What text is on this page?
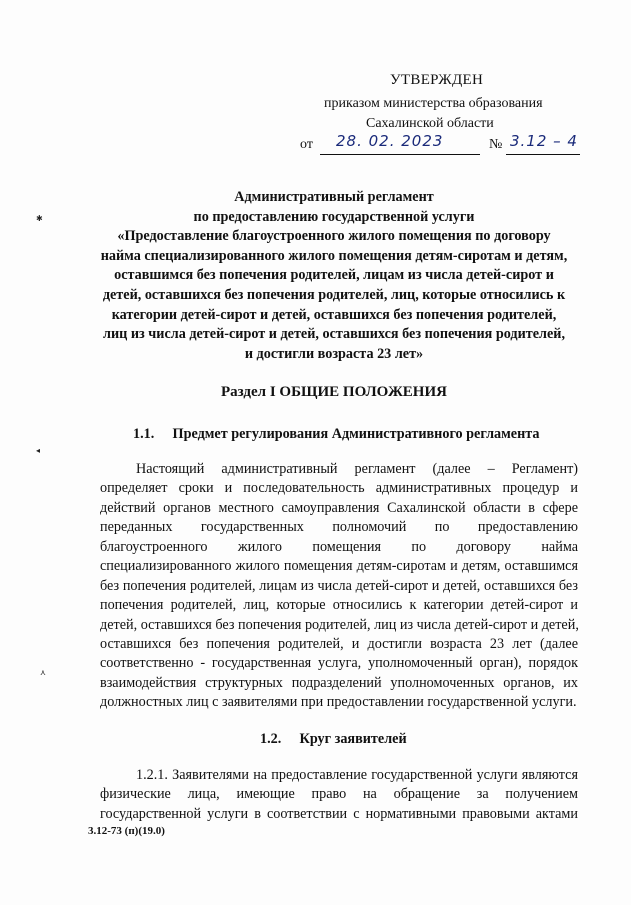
✱
◂
⋏
УТВЕРЖДЕН
приказом министерства образования
Сахалинской области
от 28. 02. 2023	№ 3.12 – 4
Административный регламент
по предоставлению государственной услуги
«Предоставление благоустроенного жилого помещения по договору
найма специализированного жилого помещения детям-сиротам и детям,
оставшимся без попечения родителей, лицам из числа детей-сирот и
детей, оставшихся без попечения родителей, лиц, которые относились к
категории детей-сирот и детей, оставшихся без попечения родителей,
лиц из числа детей-сирот и детей, оставшихся без попечения родителей,
и достигли возраста 23 лет»
Раздел I ОБЩИЕ ПОЛОЖЕНИЯ
1.1. Предмет регулирования Административного регламента
Настоящий административный регламент (далее – Регламент)
определяет сроки и последовательность административных процедур и
действий органов местного самоуправления Сахалинской области в сфере
переданных государственных полномочий по предоставлению
благоустроенного жилого помещения по договору найма
специализированного жилого помещения детям-сиротам и детям, оставшимся
без попечения родителей, лицам из числа детей-сирот и детей, оставшихся без
попечения родителей, лиц, которые относились к категории детей-сирот и
детей, оставшихся без попечения родителей, лиц из числа детей-сирот и детей,
оставшихся без попечения родителей, и достигли возраста 23 лет (далее
соответственно - государственная услуга, уполномоченный орган), порядок
взаимодействия структурных подразделений уполномоченных органов, их
должностных лиц с заявителями при предоставлении государственной услуги.
1.2. Круг заявителей
1.2.1. Заявителями на предоставление государственной услуги являются
физические лица, имеющие право на обращение за получением
государственной услуги в соответствии с нормативными правовыми актами
3.12-73 (п)(19.0)
